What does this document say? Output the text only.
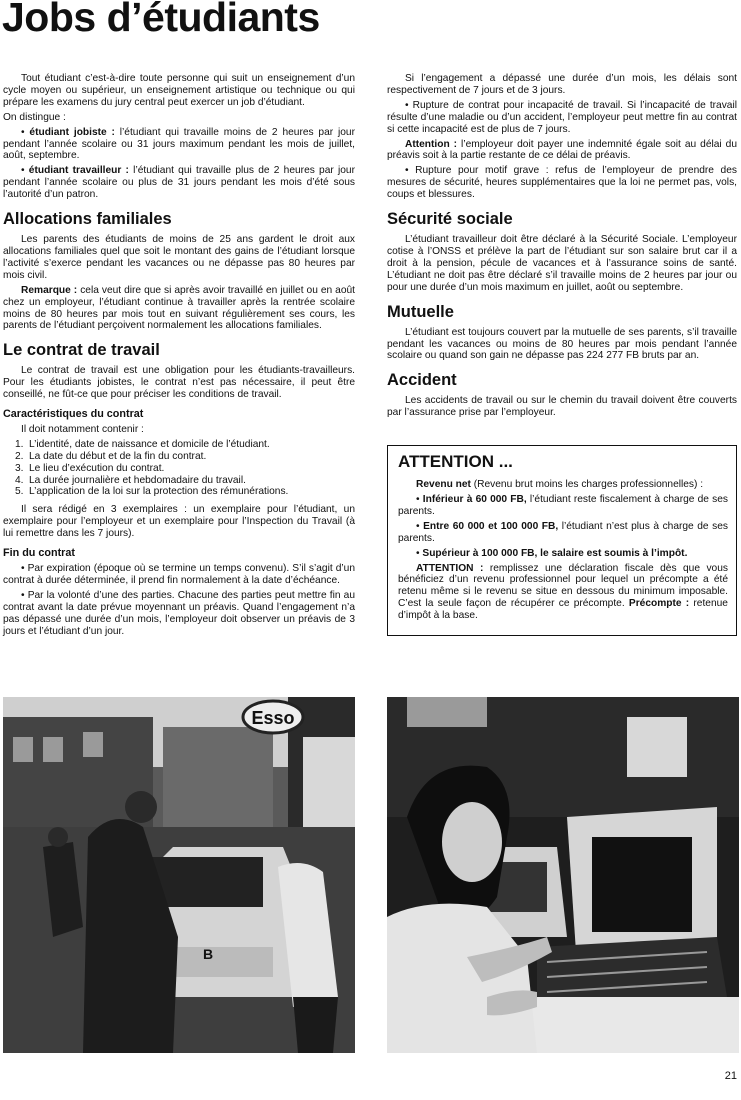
Jobs d’étudiants

Tout étudiant c’est-à-dire toute personne qui suit un enseignement d’un cycle moyen ou supérieur, un enseignement artistique ou technique ou qui prépare les examens du jury central peut exercer un job d’étudiant.

On distingue :

• étudiant jobiste : l’étudiant qui travaille moins de 2 heures par jour pendant l’année scolaire ou 31 jours maximum pendant les mois de juillet, août, septembre.

• étudiant travailleur : l’étudiant qui travaille plus de 2 heures par jour pendant l’année scolaire ou plus de 31 jours pendant les mois d’été sous l’autorité d’un patron.

Allocations familiales

Les parents des étudiants de moins de 25 ans gardent le droit aux allocations familiales quel que soit le montant des gains de l’étudiant lorsque l’activité s’exerce pendant les vacances ou ne dépasse pas 80 heures par mois civil.

Remarque : cela veut dire que si après avoir travaillé en juillet ou en août chez un employeur, l’étudiant continue à travailler après la rentrée scolaire moins de 80 heures par mois tout en suivant régulièrement ses cours, les parents de l’étudiant perçoivent normalement les allocations familiales.

Le contrat de travail

Le contrat de travail est une obligation pour les étudiants-travailleurs. Pour les étudiants jobistes, le contrat n’est pas nécessaire, il peut être conseillé, ne fût-ce que pour préciser les conditions de travail.

Caractéristiques du contrat

Il doit notamment contenir :

1. L’identité, date de naissance et domicile de l’étudiant.
2. La date du début et de la fin du contrat.
3. Le lieu d’exécution du contrat.
4. La durée journalière et hebdomadaire du travail.
5. L’application de la loi sur la protection des rémunérations.

Il sera rédigé en 3 exemplaires : un exemplaire pour l’étudiant, un exemplaire pour l’employeur et un exemplaire pour l’Inspection du Travail (à lui remettre dans les 7 jours).

Fin du contrat

• Par expiration (époque où se termine un temps convenu). S’il s’agit d’un contrat à durée déterminée, il prend fin normalement à la date d’échéance.

• Par la volonté d’une des parties. Chacune des parties peut mettre fin au contrat avant la date prévue moyennant un préavis. Quand l’engagement n’a pas dépassé une durée d’un mois, l’employeur doit observer un préavis de 3 jours et l’étudiant d’un jour.

Si l’engagement a dépassé une durée d’un mois, les délais sont respectivement de 7 jours et de 3 jours.

• Rupture de contrat pour incapacité de travail. Si l’incapacité de travail résulte d’une maladie ou d’un accident, l’employeur peut mettre fin au contrat si cette incapacité est de plus de 7 jours.

Attention : l’employeur doit payer une indemnité égale soit au délai du préavis soit à la partie restante de ce délai de préavis.

• Rupture pour motif grave : refus de l’employeur de prendre des mesures de sécurité, heures supplémentaires que la loi ne permet pas, vols, coups et blessures.

Sécurité sociale

L’étudiant travailleur doit être déclaré à la Sécurité Sociale. L’employeur cotise à l’ONSS et prélève la part de l’étudiant sur son salaire brut car il a droit à la pension, pécule de vacances et à l’assurance soins de santé. L’étudiant ne doit pas être déclaré s’il travaille moins de 2 heures par jour ou pour une durée d’un mois maximum en juillet, août ou septembre.

Mutuelle

L’étudiant est toujours couvert par la mutuelle de ses parents, s’il travaille pendant les vacances ou moins de 80 heures par mois pendant l’année scolaire ou quand son gain ne dépasse pas 224 277 FB bruts par an.

Accident

Les accidents de travail ou sur le chemin du travail doivent être couverts par l’assurance prise par l’employeur.

ATTENTION ...

Revenu net (Revenu brut moins les charges professionnelles) :

• Inférieur à 60 000 FB, l’étudiant reste fiscalement à charge de ses parents.

• Entre 60 000 et 100 000 FB, l’étudiant n’est plus à charge de ses parents.

• Supérieur à 100 000 FB, le salaire est soumis à l’impôt.

ATTENTION : remplissez une déclaration fiscale dès que vous bénéficiez d’un revenu professionnel pour lequel un précompte a été retenu même si le revenu se situe en dessous du minimum imposable. C’est la seule façon de récupérer ce précompte. Précompte : retenue d’impôt à la base.

Esso
B
21
